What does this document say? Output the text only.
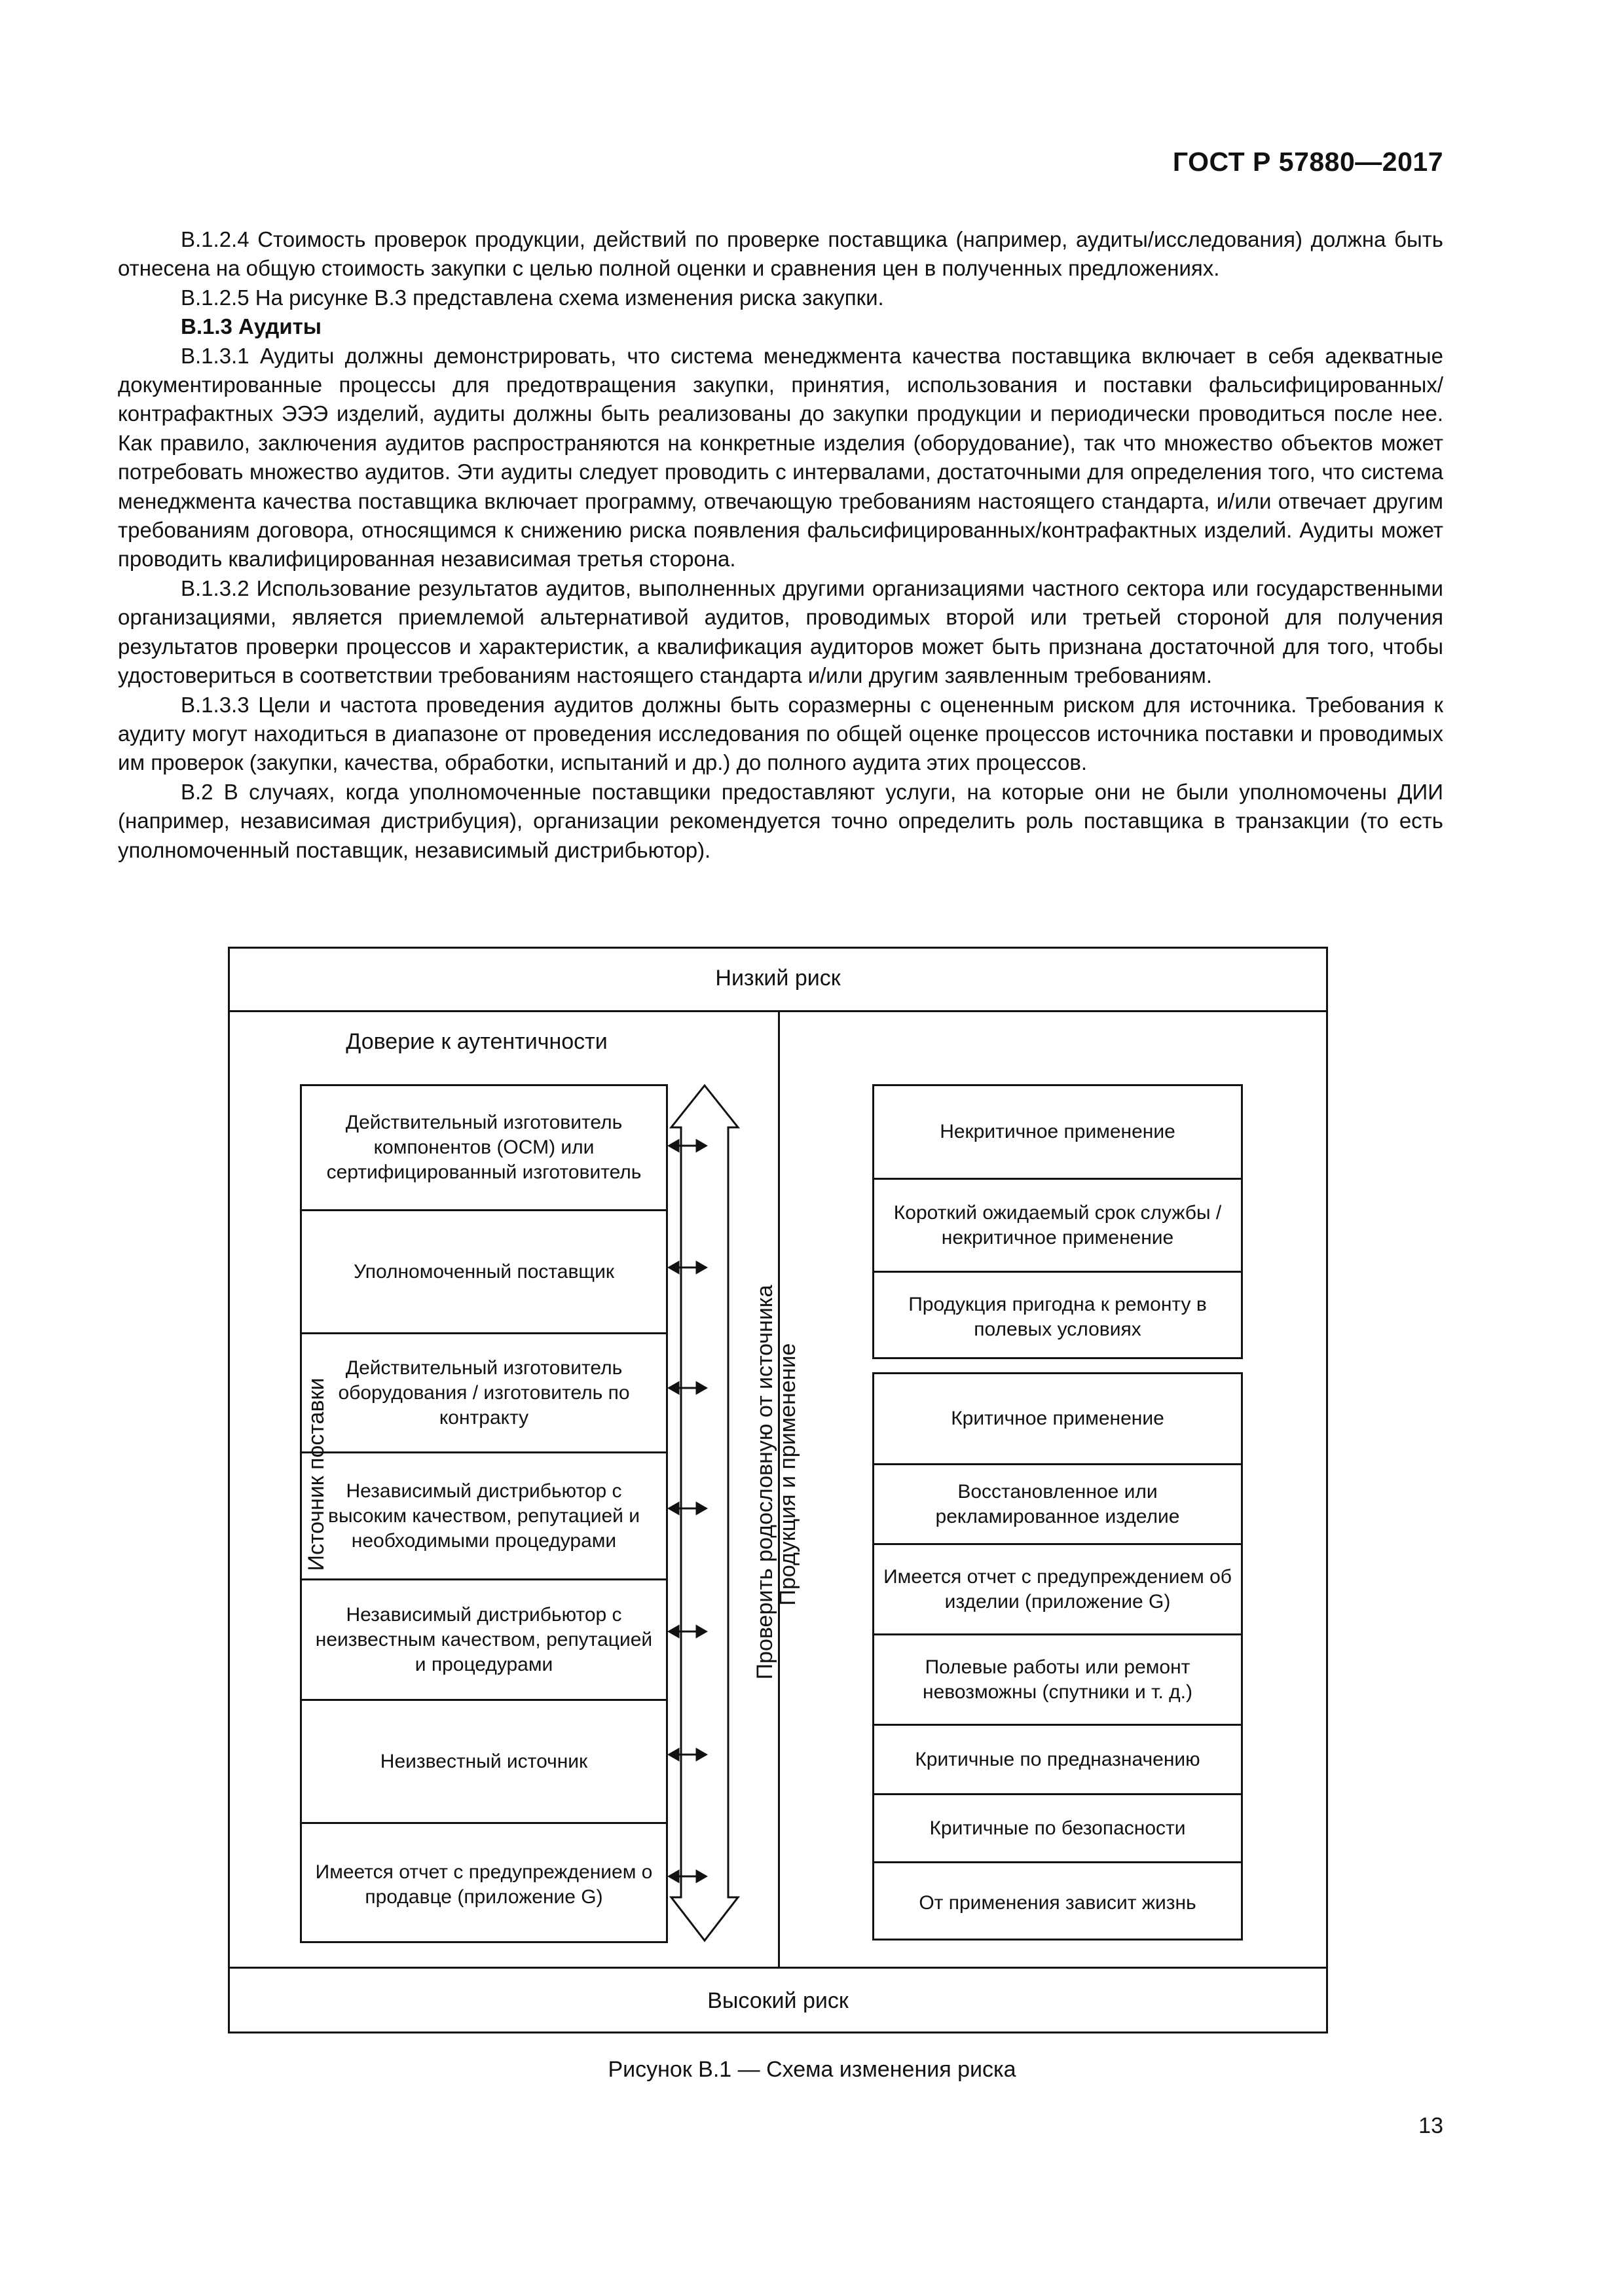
ГОСТ Р 57880—2017

В.1.2.4 Стоимость проверок продукции, действий по проверке поставщика (например, аудиты/исследования) должна быть отнесена на общую стоимость закупки с целью полной оценки и сравнения цен в полученных предложениях.

В.1.2.5 На рисунке В.3 представлена схема изменения риска закупки.

В.1.3 Аудиты

В.1.3.1 Аудиты должны демонстрировать, что система менеджмента качества поставщика включает в себя адекватные документированные процессы для предотвращения закупки, принятия, использования и поставки фальсифицированных/контрафактных ЭЭЭ изделий, аудиты должны быть реализованы до закупки продукции и периодически проводиться после нее. Как правило, заключения аудитов распространяются на конкретные изделия (оборудование), так что множество объектов может потребовать множество аудитов. Эти аудиты следует проводить с интервалами, достаточными для определения того, что система менеджмента качества поставщика включает программу, отвечающую требованиям настоящего стандарта, и/или отвечает другим требованиям договора, относящимся к снижению риска появления фальсифицированных/контрафактных изделий. Аудиты может проводить квалифицированная независимая третья сторона.

В.1.3.2 Использование результатов аудитов, выполненных другими организациями частного сектора или государственными организациями, является приемлемой альтернативой аудитов, проводимых второй или третьей стороной для получения результатов проверки процессов и характеристик, а квалификация аудиторов может быть признана достаточной для того, чтобы удостовериться в соответствии требованиям настоящего стандарта и/или другим заявленным требованиям.

В.1.3.3 Цели и частота проведения аудитов должны быть соразмерны с оцененным риском для источника. Требования к аудиту могут находиться в диапазоне от проведения исследования по общей оценке процессов источника поставки и проводимых им проверок (закупки, качества, обработки, испытаний и др.) до полного аудита этих процессов.

В.2 В случаях, когда уполномоченные поставщики предоставляют услуги, на которые они не были уполномочены ДИИ (например, независимая дистрибуция), организации рекомендуется точно определить роль поставщика в транзакции (то есть уполномоченный поставщик, независимый дистрибьютор).

Низкий риск
Высокий риск
Доверие к аутентичности
Источник поставки	Проверить родословную от источника
Продукция и применение
Действительный изготовитель компонентов (ОСМ) или сертифицированный изготовитель
Уполномоченный поставщик
Действительный изготовитель оборудования / изготовитель по контракту
Независимый дистрибьютор с высоким качеством, репутацией и необходимыми процедурами
Независимый дистрибьютор с неизвестным качеством, репутацией и процедурами
Неизвестный источник
Имеется отчет с предупреждением о продавце (приложение G)
Некритичное применение
Короткий ожидаемый срок службы / некритичное применение
Продукция пригодна к ремонту в полевых условиях
Критичное применение
Восстановленное или рекламированное изделие
Имеется отчет с предупреждением об изделии (приложение G)
Полевые работы или ремонт невозможны (спутники и т. д.)
Критичные по предназначению
Критичные по безопасности
От применения зависит жизнь
Рисунок В.1 — Схема изменения риска
13
